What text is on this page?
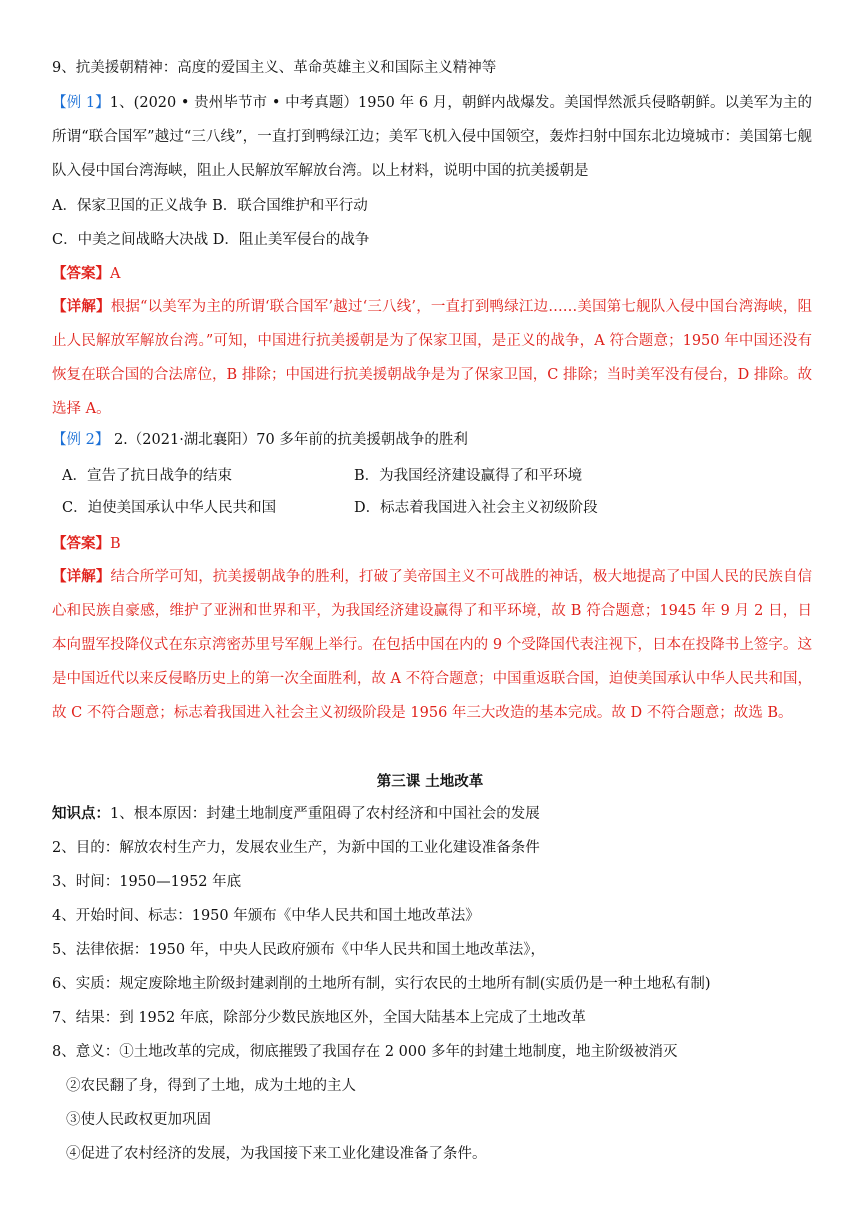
9、抗美援朝精神：高度的爱国主义、革命英雄主义和国际主义精神等
【例 1】1、(2020 • 贵州毕节市 • 中考真题）1950 年 6 月，朝鲜内战爆发。美国悍然派兵侵略朝鲜。以美军为主的所谓“联合国军”越过“三八线”，一直打到鸭绿江边；美军飞机入侵中国领空，轰炸扫射中国东北边境城市：美国第七舰队入侵中国台湾海峡，阻止人民解放军解放台湾。以上材料，说明中国的抗美援朝是
A．保家卫国的正义战争 B．联合国维护和平行动
C．中美之间战略大决战 D．阻止美军侵台的战争
【答案】A
【详解】根据“以美军为主的所谓‘联合国军’越过‘三八线’，一直打到鸭绿江边……美国第七舰队入侵中国台湾海峡，阻止人民解放军解放台湾。”可知，中国进行抗美援朝是为了保家卫国，是正义的战争，A 符合题意；1950 年中国还没有恢复在联合国的合法席位，B 排除；中国进行抗美援朝战争是为了保家卫国，C 排除；当时美军没有侵台，D 排除。故选择 A。
【例 2】 2.（2021·湖北襄阳）70 多年前的抗美援朝战争的胜利
A．宣告了抗日战争的结束	B．为我国经济建设赢得了和平环境
C．迫使美国承认中华人民共和国	D．标志着我国进入社会主义初级阶段
【答案】B
【详解】结合所学可知，抗美援朝战争的胜利，打破了美帝国主义不可战胜的神话，极大地提高了中国人民的民族自信心和民族自豪感，维护了亚洲和世界和平，为我国经济建设赢得了和平环境，故 B 符合题意；1945 年 9 月 2 日，日本向盟军投降仪式在东京湾密苏里号军舰上举行。在包括中国在内的 9 个受降国代表注视下，日本在投降书上签字。这是中国近代以来反侵略历史上的第一次全面胜利，故 A 不符合题意；中国重返联合国，迫使美国承认中华人民共和国，故 C 不符合题意；标志着我国进入社会主义初级阶段是 1956 年三大改造的基本完成。故 D 不符合题意；故选 B。
第三课 土地改革
知识点：1、根本原因：封建土地制度严重阻碍了农村经济和中国社会的发展
2、目的：解放农村生产力，发展农业生产，为新中国的工业化建设准备条件
3、时间：1950—1952 年底
4、开始时间、标志：1950 年颁布《中华人民共和国土地改革法》
5、法律依据：1950 年，中央人民政府颁布《中华人民共和国土地改革法》，
6、实质：规定废除地主阶级封建剥削的土地所有制，实行农民的土地所有制(实质仍是一种土地私有制)
7、结果：到 1952 年底，除部分少数民族地区外，全国大陆基本上完成了土地改革
8、意义：①土地改革的完成，彻底摧毁了我国存在 2 000 多年的封建土地制度，地主阶级被消灭
②农民翻了身，得到了土地，成为土地的主人
③使人民政权更加巩固
④促进了农村经济的发展，为我国接下来工业化建设准备了条件。
